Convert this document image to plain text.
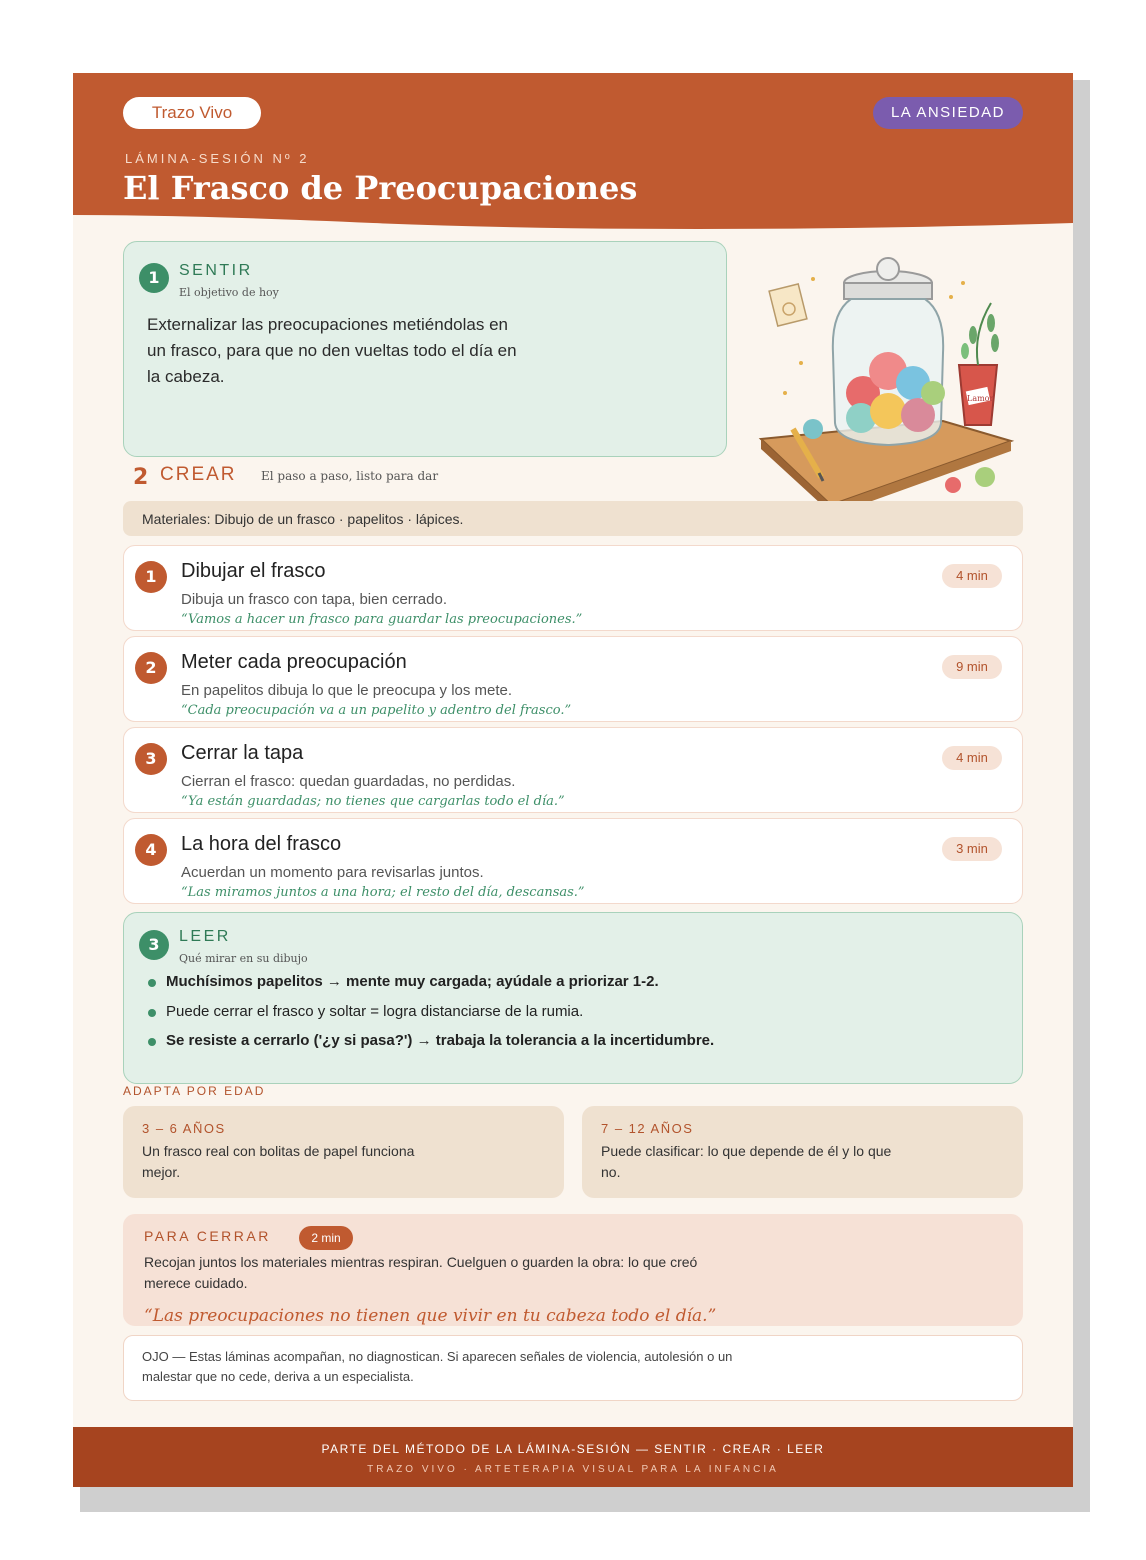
Trazo Vivo	LA ANSIEDAD
LÁMINA-SESIÓN Nº 2
El Frasco de Preocupaciones
1	SENTIR
El objetivo de hoy
Externalizar las preocupaciones metiéndolas en un frasco, para que no den vueltas todo el día en la cabeza.
Lamor
2 CREAR El paso a paso, listo para dar
Materiales: Dibujo de un frasco · papelitos · lápices.
1	Dibujar el frasco
Dibuja un frasco con tapa, bien cerrado.
“Vamos a hacer un frasco para guardar las preocupaciones.”
4 min
2	Meter cada preocupación
En papelitos dibuja lo que le preocupa y los mete.
“Cada preocupación va a un papelito y adentro del frasco.”
9 min
3	Cerrar la tapa
Cierran el frasco: quedan guardadas, no perdidas.
“Ya están guardadas; no tienes que cargarlas todo el día.”
4 min
4	La hora del frasco
Acuerdan un momento para revisarlas juntos.
“Las miramos juntos a una hora; el resto del día, descansas.”
3 min
3	LEER
Qué mirar en su dibujo
Muchísimos papelitos → mente muy cargada; ayúdale a priorizar 1-2.
Puede cerrar el frasco y soltar = logra distanciarse de la rumia.
Se resiste a cerrarlo ('¿y si pasa?') → trabaja la tolerancia a la incertidumbre.
ADAPTA POR EDAD
3 – 6 AÑOS
Un frasco real con bolitas de papel funciona mejor.
7 – 12 AÑOS
Puede clasificar: lo que depende de él y lo que no.
PARA CERRAR	2 min
Recojan juntos los materiales mientras respiran. Cuelguen o guarden la obra: lo que creó merece cuidado.
“Las preocupaciones no tienen que vivir en tu cabeza todo el día.”
OJO — Estas láminas acompañan, no diagnostican. Si aparecen señales de violencia, autolesión o un malestar que no cede, deriva a un especialista.
PARTE DEL MÉTODO DE LA LÁMINA-SESIÓN — SENTIR · CREAR · LEER
TRAZO VIVO · ARTETERAPIA VISUAL PARA LA INFANCIA
